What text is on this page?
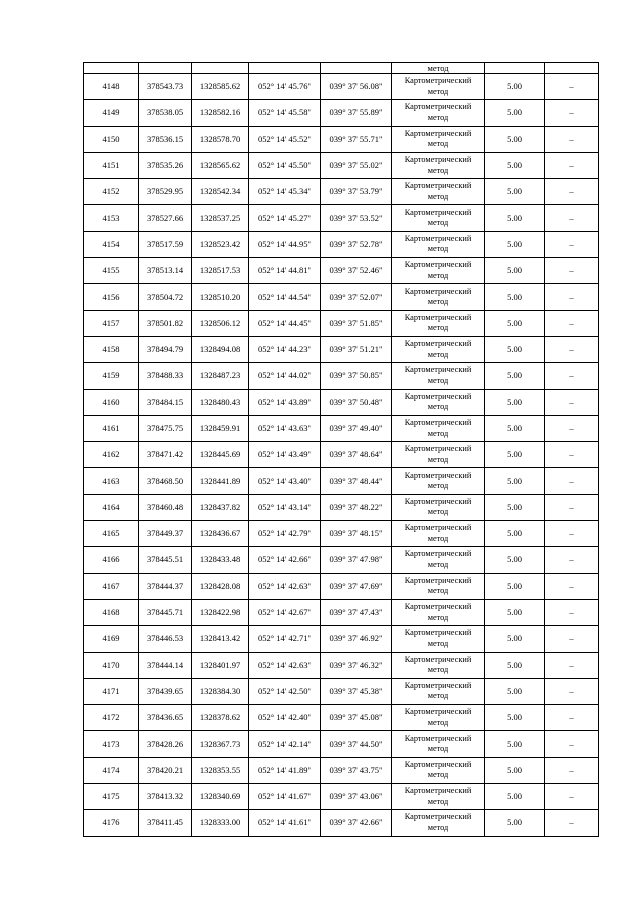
					метод		
4148	378543.73	1328585.62	052° 14' 45.76"	039° 37' 56.08"	Картометрический
метод	5.00	–
4149	378538.05	1328582.16	052° 14' 45.58"	039° 37' 55.89"	Картометрический
метод	5.00	–
4150	378536.15	1328578.70	052° 14' 45.52"	039° 37' 55.71"	Картометрический
метод	5.00	–
4151	378535.26	1328565.62	052° 14' 45.50"	039° 37' 55.02"	Картометрический
метод	5.00	–
4152	378529.95	1328542.34	052° 14' 45.34"	039° 37' 53.79"	Картометрический
метод	5.00	–
4153	378527.66	1328537.25	052° 14' 45.27"	039° 37' 53.52"	Картометрический
метод	5.00	–
4154	378517.59	1328523.42	052° 14' 44.95"	039° 37' 52.78"	Картометрический
метод	5.00	–
4155	378513.14	1328517.53	052° 14' 44.81"	039° 37' 52.46"	Картометрический
метод	5.00	–
4156	378504.72	1328510.20	052° 14' 44.54"	039° 37' 52.07"	Картометрический
метод	5.00	–
4157	378501.82	1328506.12	052° 14' 44.45"	039° 37' 51.85"	Картометрический
метод	5.00	–
4158	378494.79	1328494.08	052° 14' 44.23"	039° 37' 51.21"	Картометрический
метод	5.00	–
4159	378488.33	1328487.23	052° 14' 44.02"	039° 37' 50.85"	Картометрический
метод	5.00	–
4160	378484.15	1328480.43	052° 14' 43.89"	039° 37' 50.48"	Картометрический
метод	5.00	–
4161	378475.75	1328459.91	052° 14' 43.63"	039° 37' 49.40"	Картометрический
метод	5.00	–
4162	378471.42	1328445.69	052° 14' 43.49"	039° 37' 48.64"	Картометрический
метод	5.00	–
4163	378468.50	1328441.89	052° 14' 43.40"	039° 37' 48.44"	Картометрический
метод	5.00	–
4164	378460.48	1328437.82	052° 14' 43.14"	039° 37' 48.22"	Картометрический
метод	5.00	–
4165	378449.37	1328436.67	052° 14' 42.79"	039° 37' 48.15"	Картометрический
метод	5.00	–
4166	378445.51	1328433.48	052° 14' 42.66"	039° 37' 47.98"	Картометрический
метод	5.00	–
4167	378444.37	1328428.08	052° 14' 42.63"	039° 37' 47.69"	Картометрический
метод	5.00	–
4168	378445.71	1328422.98	052° 14' 42.67"	039° 37' 47.43"	Картометрический
метод	5.00	–
4169	378446.53	1328413.42	052° 14' 42.71"	039° 37' 46.92"	Картометрический
метод	5.00	–
4170	378444.14	1328401.97	052° 14' 42.63"	039° 37' 46.32"	Картометрический
метод	5.00	–
4171	378439.65	1328384.30	052° 14' 42.50"	039° 37' 45.38"	Картометрический
метод	5.00	–
4172	378436.65	1328378.62	052° 14' 42.40"	039° 37' 45.08"	Картометрический
метод	5.00	–
4173	378428.26	1328367.73	052° 14' 42.14"	039° 37' 44.50"	Картометрический
метод	5.00	–
4174	378420.21	1328353.55	052° 14' 41.89"	039° 37' 43.75"	Картометрический
метод	5.00	–
4175	378413.32	1328340.69	052° 14' 41.67"	039° 37' 43.06"	Картометрический
метод	5.00	–
4176	378411.45	1328333.00	052° 14' 41.61"	039° 37' 42.66"	Картометрический
метод	5.00	–
